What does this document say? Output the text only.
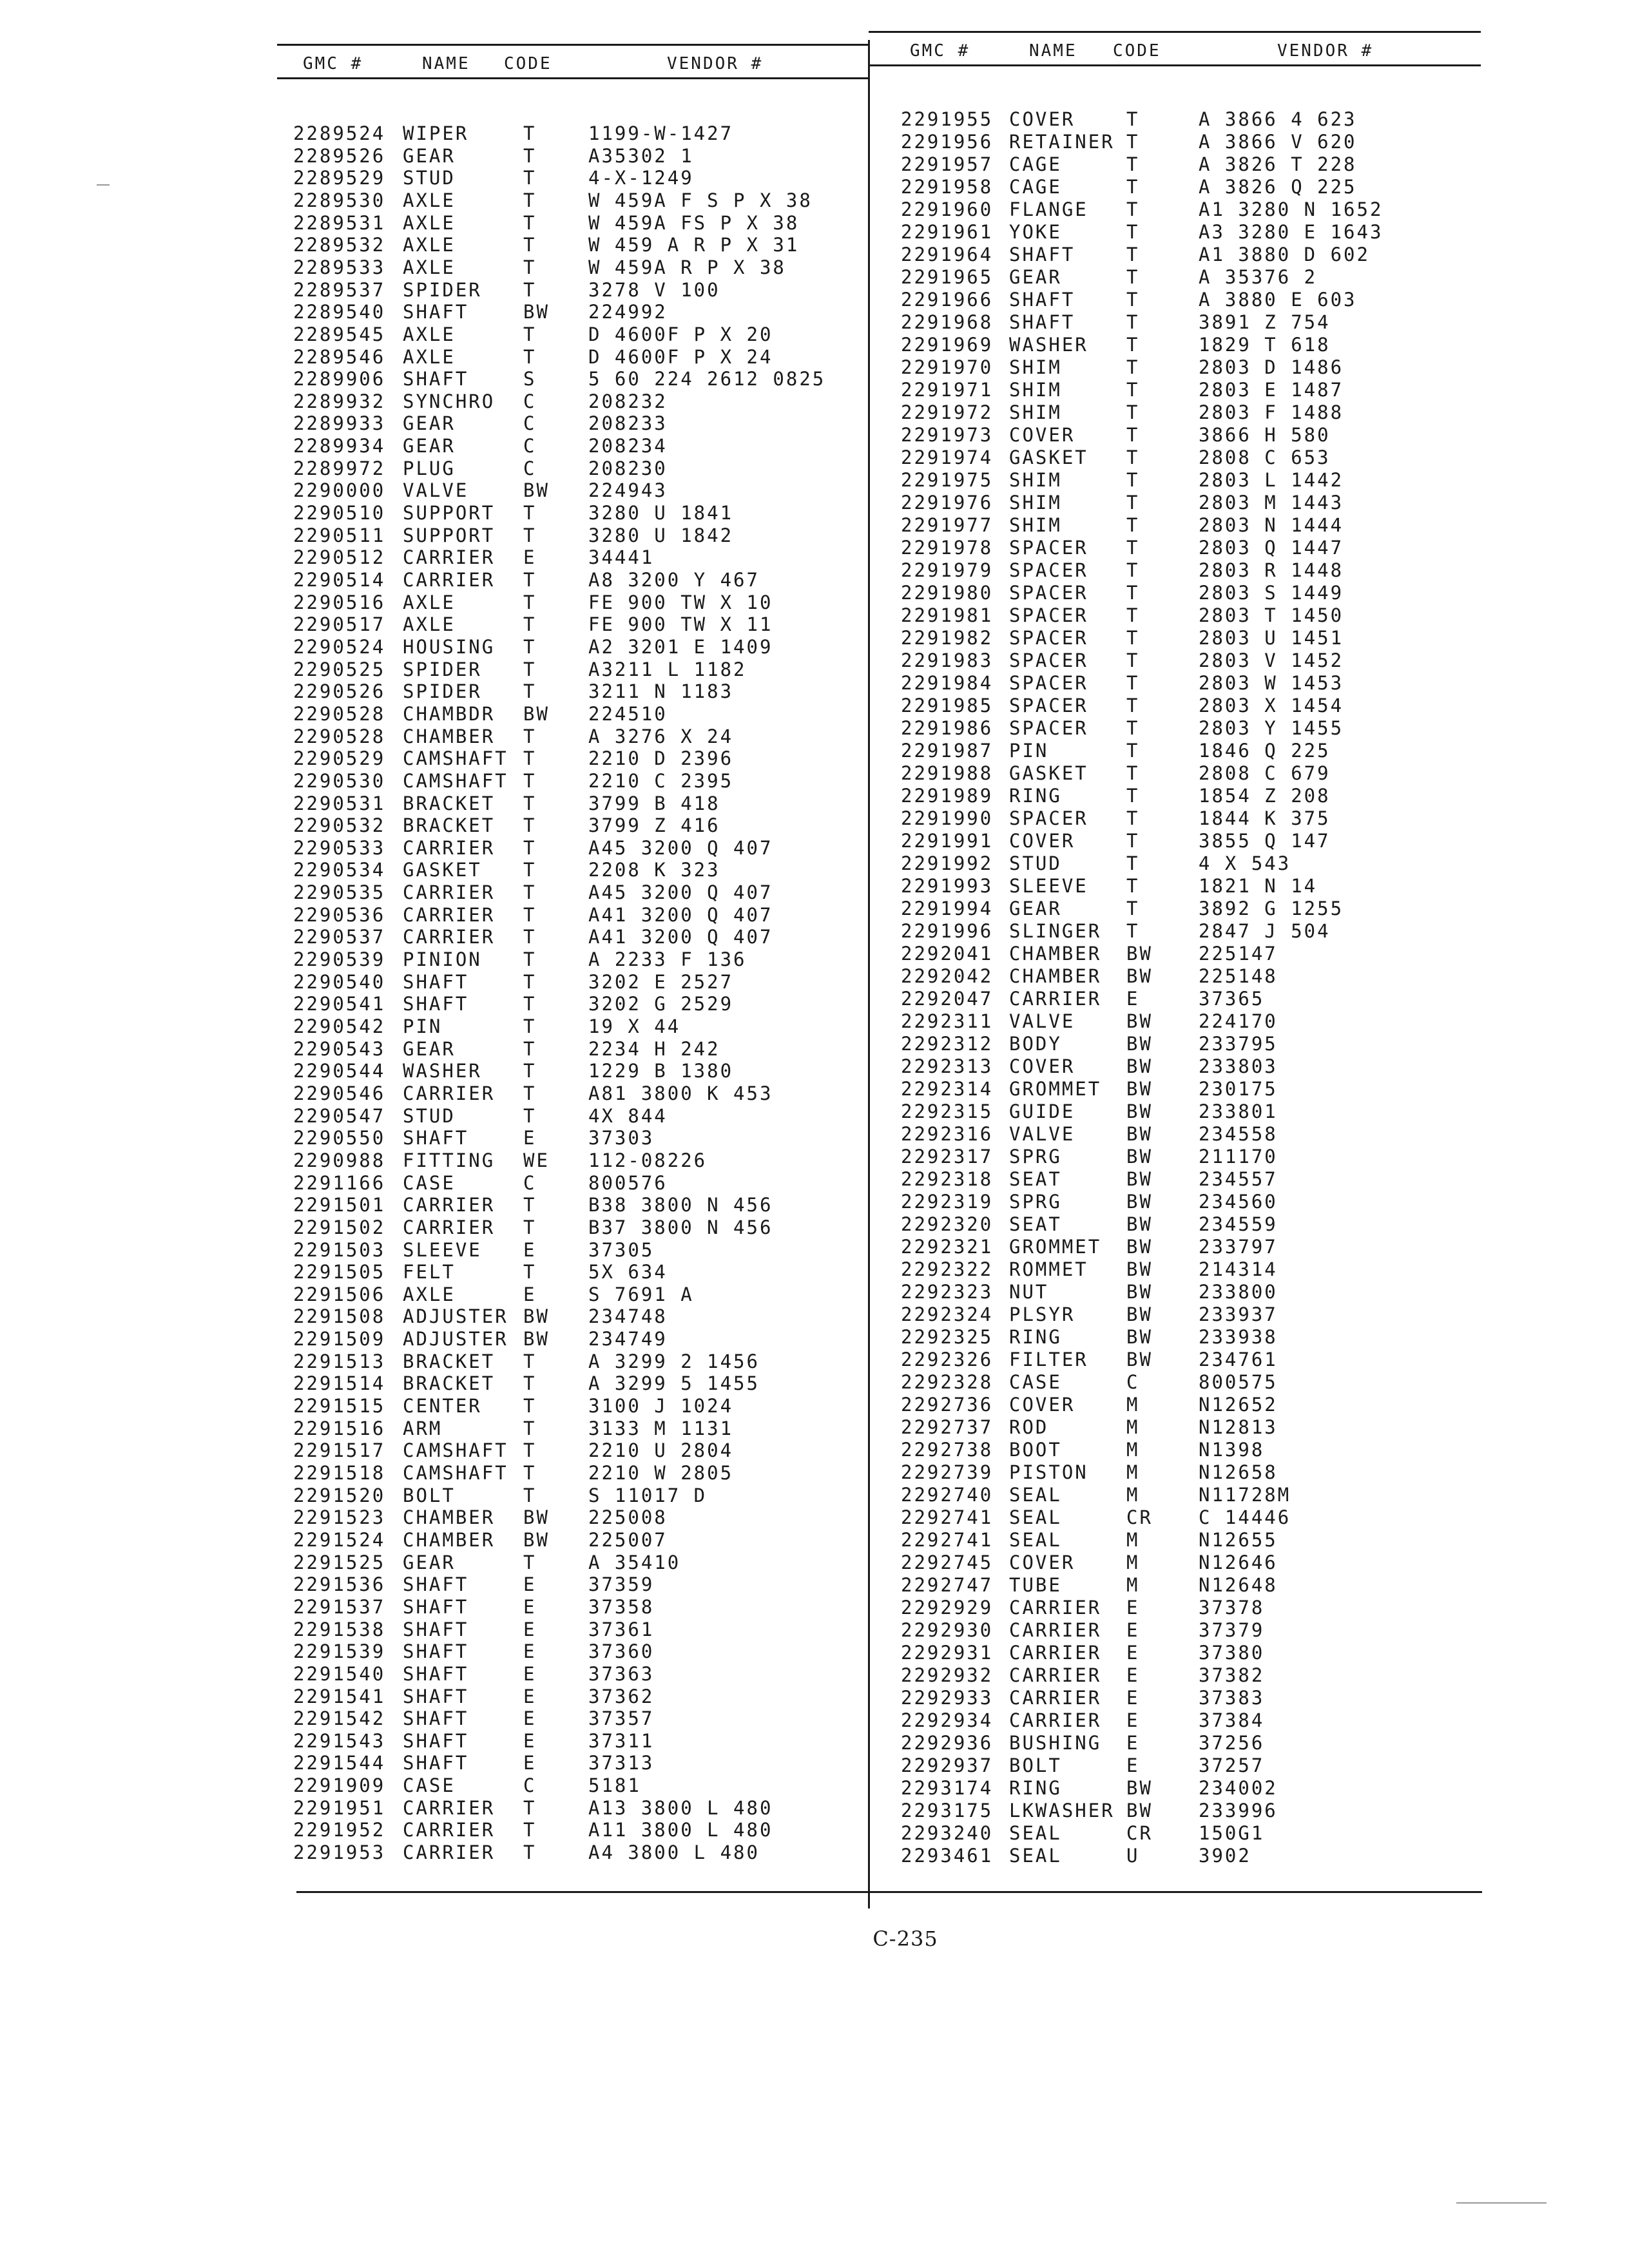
GMC #	NAME CODE	VENDOR #
GMC #	NAME CODE	VENDOR #
2289524 WIPER	T	1199-W-1427
2289526 GEAR	T	A35302 1
2289529 STUD	T	4-X-1249
2289530 AXLE	T	W 459A F S P X 38
2289531 AXLE	T	W 459A FS P X 38
2289532 AXLE	T	W 459 A R P X 31
2289533 AXLE	T	W 459A R P X 38
2289537 SPIDER T	3278 V 100
2289540 SHAFT	BW 224992
2289545 AXLE	T	D 4600F P X 20
2289546 AXLE	T	D 4600F P X 24
2289906 SHAFT	S	5 60 224 2612 0825
2289932 SYNCHRO C	208232
2289933 GEAR	C	208233
2289934 GEAR	C	208234
2289972 PLUG	C	208230
2290000 VALVE	BW 224943
2290510 SUPPORT T	3280 U 1841
2290511 SUPPORT T	3280 U 1842
2290512 CARRIER E	34441
2290514 CARRIER T	A8 3200 Y 467
2290516 AXLE	T	FE 900 TW X 10
2290517 AXLE	T	FE 900 TW X 11
2290524 HOUSING T	A2 3201 E 1409
2290525 SPIDER T	A3211 L 1182
2290526 SPIDER T	3211 N 1183
2290528 CHAMBDR BW 224510
2290528 CHAMBER T	A 3276 X 24
2290529 CAMSHAFT T	2210 D 2396
2290530 CAMSHAFT T	2210 C 2395
2290531 BRACKET T	3799 B 418
2290532 BRACKET T	3799 Z 416
2290533 CARRIER T	A45 3200 Q 407
2290534 GASKET T	2208 K 323
2290535 CARRIER T	A45 3200 Q 407
2290536 CARRIER T	A41 3200 Q 407
2290537 CARRIER T	A41 3200 Q 407
2290539 PINION T	A 2233 F 136
2290540 SHAFT	T	3202 E 2527
2290541 SHAFT	T	3202 G 2529
2290542 PIN	T	19 X 44
2290543 GEAR	T	2234 H 242
2290544 WASHER T	1229 B 1380
2290546 CARRIER T	A81 3800 K 453
2290547 STUD	T	4X 844
2290550 SHAFT	E	37303
2290988 FITTING WE 112-08226
2291166 CASE	C	800576
2291501 CARRIER T	B38 3800 N 456
2291502 CARRIER T	B37 3800 N 456
2291503 SLEEVE E	37305
2291505 FELT	T	5X 634
2291506 AXLE	E	S 7691 A
2291508 ADJUSTER BW 234748
2291509 ADJUSTER BW 234749
2291513 BRACKET T	A 3299 2 1456
2291514 BRACKET T	A 3299 5 1455
2291515 CENTER T	3100 J 1024
2291516 ARM	T	3133 M 1131
2291517 CAMSHAFT T	2210 U 2804
2291518 CAMSHAFT T	2210 W 2805
2291520 BOLT	T	S 11017 D
2291523 CHAMBER BW 225008
2291524 CHAMBER BW 225007
2291525 GEAR	T	A 35410
2291536 SHAFT	E	37359
2291537 SHAFT	E	37358
2291538 SHAFT	E	37361
2291539 SHAFT	E	37360
2291540 SHAFT	E	37363
2291541 SHAFT	E	37362
2291542 SHAFT	E	37357
2291543 SHAFT	E	37311
2291544 SHAFT	E	37313
2291909 CASE	C	5181
2291951 CARRIER T	A13 3800 L 480
2291952 CARRIER T	A11 3800 L 480
2291953 CARRIER T	A4 3800 L 480
2291955 COVER	T	A 3866 4 623
2291956 RETAINER T	A 3866 V 620
2291957 CAGE	T	A 3826 T 228
2291958 CAGE	T	A 3826 Q 225
2291960 FLANGE T	A1 3280 N 1652
2291961 YOKE	T	A3 3280 E 1643
2291964 SHAFT	T	A1 3880 D 602
2291965 GEAR	T	A 35376 2
2291966 SHAFT	T	A 3880 E 603
2291968 SHAFT	T	3891 Z 754
2291969 WASHER T	1829 T 618
2291970 SHIM	T	2803 D 1486
2291971 SHIM	T	2803 E 1487
2291972 SHIM	T	2803 F 1488
2291973 COVER	T	3866 H 580
2291974 GASKET T	2808 C 653
2291975 SHIM	T	2803 L 1442
2291976 SHIM	T	2803 M 1443
2291977 SHIM	T	2803 N 1444
2291978 SPACER T	2803 Q 1447
2291979 SPACER T	2803 R 1448
2291980 SPACER T	2803 S 1449
2291981 SPACER T	2803 T 1450
2291982 SPACER T	2803 U 1451
2291983 SPACER T	2803 V 1452
2291984 SPACER T	2803 W 1453
2291985 SPACER T	2803 X 1454
2291986 SPACER T	2803 Y 1455
2291987 PIN	T	1846 Q 225
2291988 GASKET T	2808 C 679
2291989 RING	T	1854 Z 208
2291990 SPACER T	1844 K 375
2291991 COVER	T	3855 Q 147
2291992 STUD	T	4 X 543
2291993 SLEEVE T	1821 N 14
2291994 GEAR	T	3892 G 1255
2291996 SLINGER T	2847 J 504
2292041 CHAMBER BW 225147
2292042 CHAMBER BW 225148
2292047 CARRIER E	37365
2292311 VALVE	BW 224170
2292312 BODY	BW 233795
2292313 COVER	BW 233803
2292314 GROMMET BW 230175
2292315 GUIDE	BW 233801
2292316 VALVE	BW 234558
2292317 SPRG	BW 211170
2292318 SEAT	BW 234557
2292319 SPRG	BW 234560
2292320 SEAT	BW 234559
2292321 GROMMET BW 233797
2292322 ROMMET BW 214314
2292323 NUT	BW 233800
2292324 PLSYR	BW 233937
2292325 RING	BW 233938
2292326 FILTER BW 234761
2292328 CASE	C	800575
2292736 COVER	M	N12652
2292737 ROD	M	N12813
2292738 BOOT	M	N1398
2292739 PISTON M	N12658
2292740 SEAL	M	N11728M
2292741 SEAL	CR C 14446
2292741 SEAL	M	N12655
2292745 COVER	M	N12646
2292747 TUBE	M	N12648
2292929 CARRIER E	37378
2292930 CARRIER E	37379
2292931 CARRIER E	37380
2292932 CARRIER E	37382
2292933 CARRIER E	37383
2292934 CARRIER E	37384
2292936 BUSHING E	37256
2292937 BOLT	E	37257
2293174 RING	BW 234002
2293175 LKWASHER BW 233996
2293240 SEAL	CR 150G1
2293461 SEAL	U	3902
C-235
